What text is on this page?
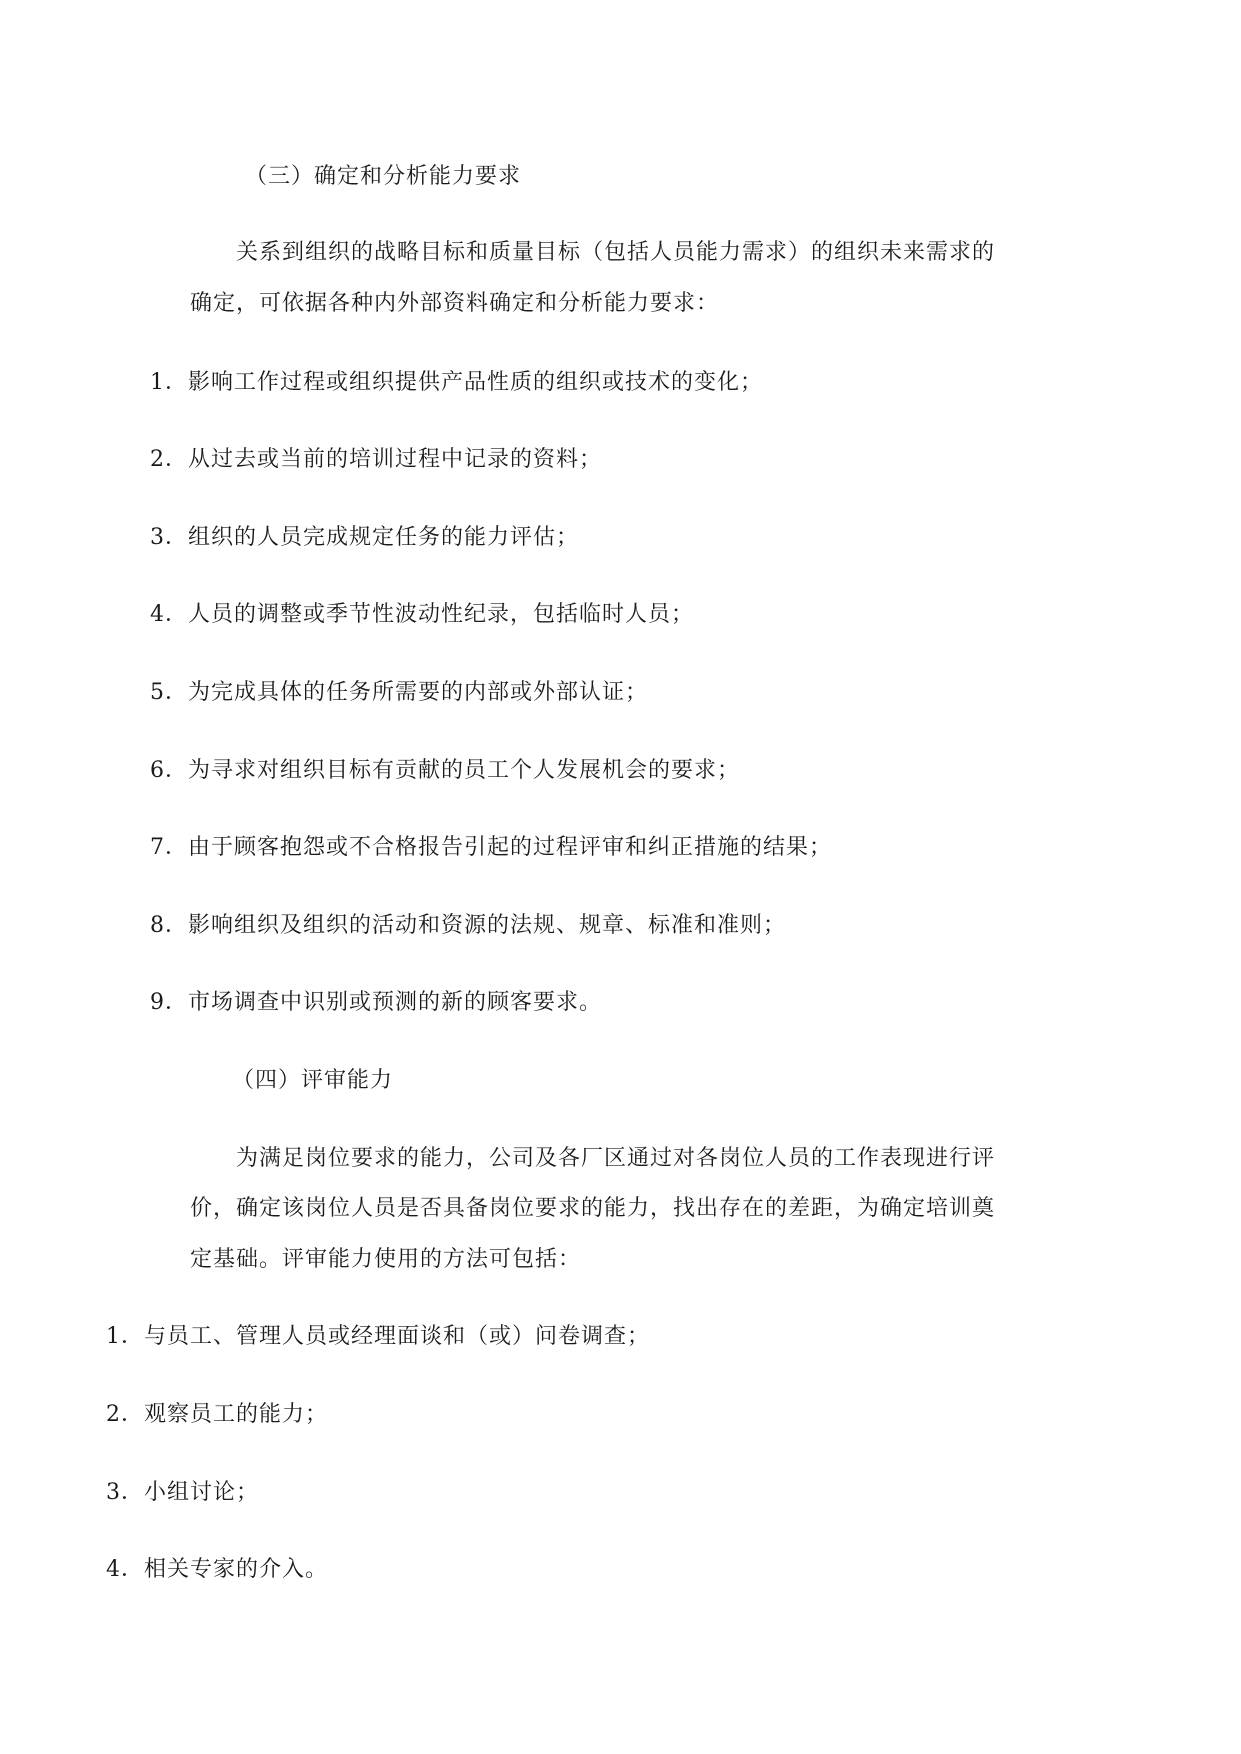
（三）确定和分析能力要求
关系到组织的战略目标和质量目标（包括人员能力需求）的组织未来需求的
确定，可依据各种内外部资料确定和分析能力要求：
1．影响工作过程或组织提供产品性质的组织或技术的变化；
2．从过去或当前的培训过程中记录的资料；
3．组织的人员完成规定任务的能力评估；
4．人员的调整或季节性波动性纪录，包括临时人员；
5．为完成具体的任务所需要的内部或外部认证；
6．为寻求对组织目标有贡献的员工个人发展机会的要求；
7．由于顾客抱怨或不合格报告引起的过程评审和纠正措施的结果；
8．影响组织及组织的活动和资源的法规、规章、标准和准则；
9．市场调查中识别或预测的新的顾客要求。
（四）评审能力
为满足岗位要求的能力，公司及各厂区通过对各岗位人员的工作表现进行评
价，确定该岗位人员是否具备岗位要求的能力，找出存在的差距，为确定培训奠
定基础。评审能力使用的方法可包括：
1．与员工、管理人员或经理面谈和（或）问卷调查；
2．观察员工的能力；
3．小组讨论；
4．相关专家的介入。
